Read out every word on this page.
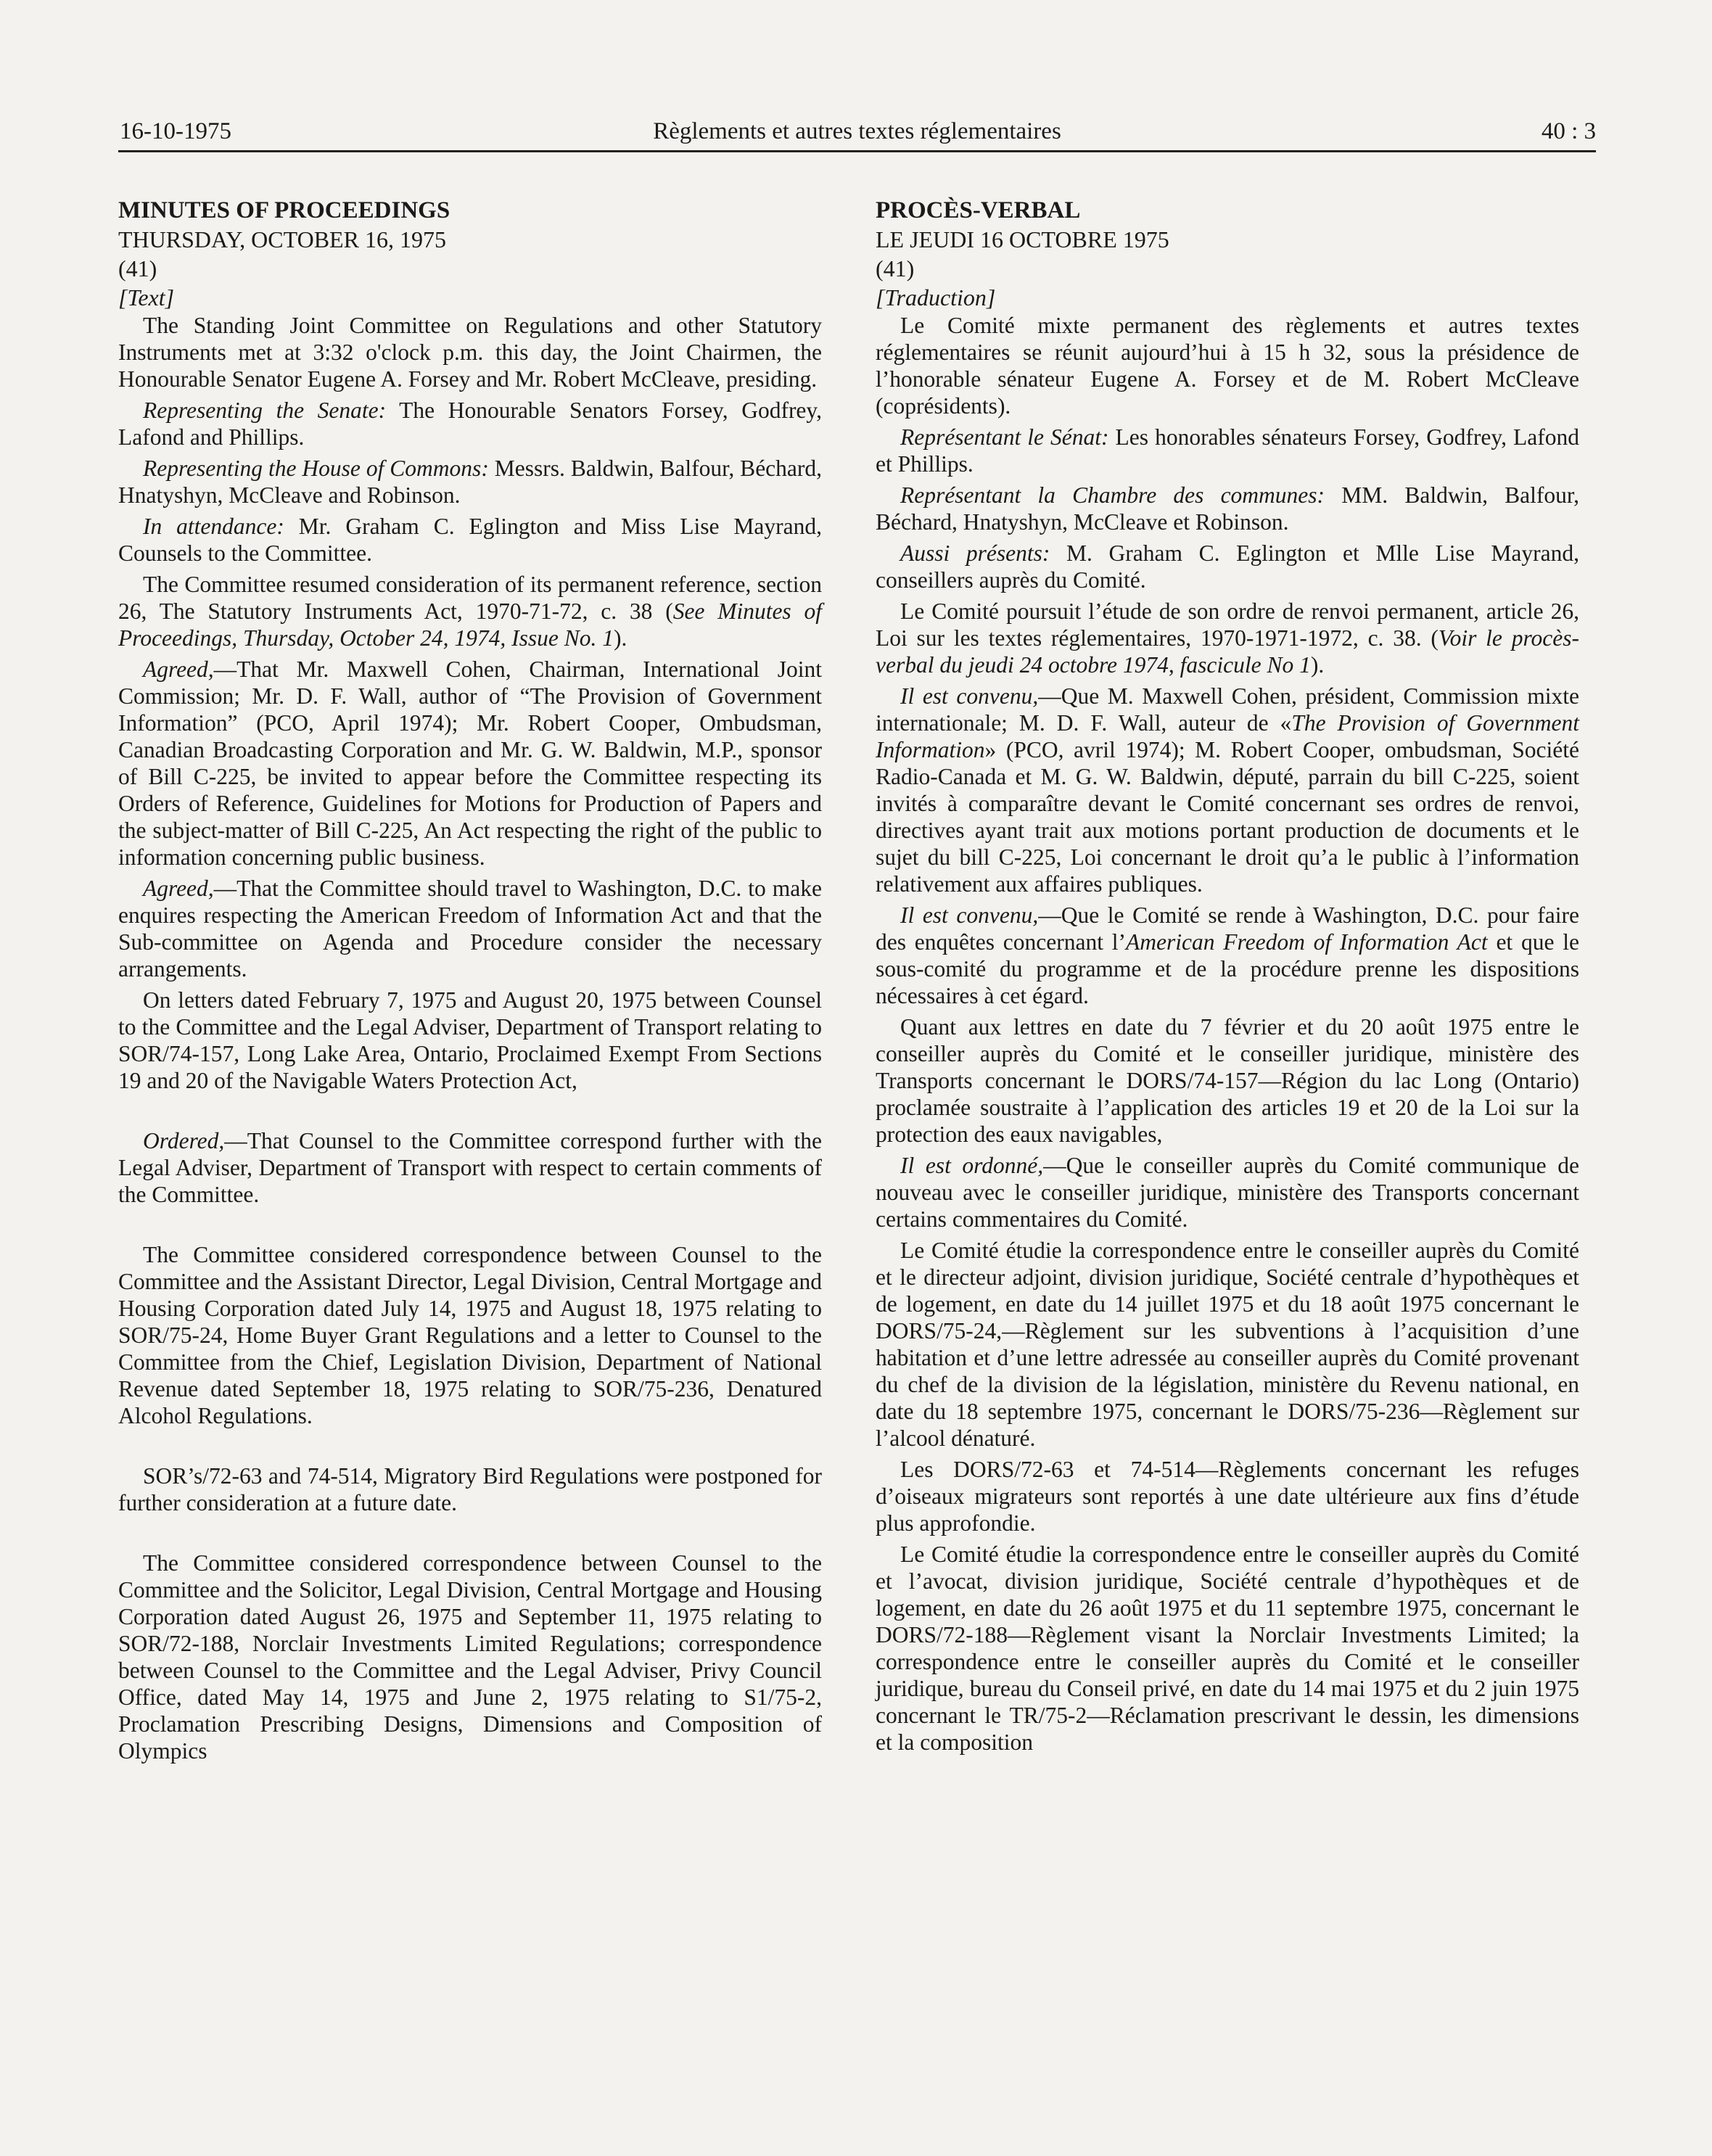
16-10-1975	Règlements et autres textes réglementaires	40 : 3
MINUTES OF PROCEEDINGS
THURSDAY, OCTOBER 16, 1975
(41)
[Text]

The Standing Joint Committee on Regulations and other Statutory Instruments met at 3:32 o'clock p.m. this day, the Joint Chairmen, the Honourable Senator Eugene A. Forsey and Mr. Robert McCleave, presiding.

Representing the Senate: The Honourable Senators Forsey, Godfrey, Lafond and Phillips.

Representing the House of Commons: Messrs. Baldwin, Balfour, Béchard, Hnatyshyn, McCleave and Robinson.

In attendance: Mr. Graham C. Eglington and Miss Lise Mayrand, Counsels to the Committee.

The Committee resumed consideration of its permanent reference, section 26, The Statutory Instruments Act, 1970-71-72, c. 38 (See Minutes of Proceedings, Thursday, October 24, 1974, Issue No. 1).

Agreed,—That Mr. Maxwell Cohen, Chairman, International Joint Commission; Mr. D. F. Wall, author of “The Provision of Government Information” (PCO, April 1974); Mr. Robert Cooper, Ombudsman, Canadian Broadcasting Corporation and Mr. G. W. Baldwin, M.P., sponsor of Bill C-225, be invited to appear before the Committee respecting its Orders of Reference, Guidelines for Motions for Production of Papers and the subject-matter of Bill C-225, An Act respecting the right of the public to information concerning public business.

Agreed,—That the Committee should travel to Washington, D.C. to make enquires respecting the American Freedom of Information Act and that the Sub-committee on Agenda and Procedure consider the necessary arrangements.

On letters dated February 7, 1975 and August 20, 1975 between Counsel to the Committee and the Legal Adviser, Department of Transport relating to SOR/74-157, Long Lake Area, Ontario, Proclaimed Exempt From Sections 19 and 20 of the Navigable Waters Protection Act,

Ordered,—That Counsel to the Committee correspond further with the Legal Adviser, Department of Transport with respect to certain comments of the Committee.

The Committee considered correspondence between Counsel to the Committee and the Assistant Director, Legal Division, Central Mortgage and Housing Corporation dated July 14, 1975 and August 18, 1975 relating to SOR/75-24, Home Buyer Grant Regulations and a letter to Counsel to the Committee from the Chief, Legislation Division, Department of National Revenue dated September 18, 1975 relating to SOR/75-236, Denatured Alcohol Regulations.

SOR’s/72-63 and 74-514, Migratory Bird Regulations were postponed for further consideration at a future date.

The Committee considered correspondence between Counsel to the Committee and the Solicitor, Legal Division, Central Mortgage and Housing Corporation dated August 26, 1975 and September 11, 1975 relating to SOR/72-188, Norclair Investments Limited Regulations; correspondence between Counsel to the Committee and the Legal Adviser, Privy Council Office, dated May 14, 1975 and June 2, 1975 relating to S1/75-2, Proclamation Prescribing Designs, Dimensions and Composition of Olympics

PROCÈS-VERBAL
LE JEUDI 16 OCTOBRE 1975
(41)
[Traduction]

Le Comité mixte permanent des règlements et autres textes réglementaires se réunit aujourd’hui à 15 h 32, sous la présidence de l’honorable sénateur Eugene A. Forsey et de M. Robert McCleave (coprésidents).

Représentant le Sénat: Les honorables sénateurs Forsey, Godfrey, Lafond et Phillips.

Représentant la Chambre des communes: MM. Baldwin, Balfour, Béchard, Hnatyshyn, McCleave et Robinson.

Aussi présents: M. Graham C. Eglington et Mlle Lise Mayrand, conseillers auprès du Comité.

Le Comité poursuit l’étude de son ordre de renvoi permanent, article 26, Loi sur les textes réglementaires, 1970-1971-1972, c. 38. (Voir le procès-verbal du jeudi 24 octobre 1974, fascicule No 1).

Il est convenu,—Que M. Maxwell Cohen, président, Commission mixte internationale; M. D. F. Wall, auteur de «The Provision of Government Information» (PCO, avril 1974); M. Robert Cooper, ombudsman, Société Radio-Canada et M. G. W. Baldwin, député, parrain du bill C-225, soient invités à comparaître devant le Comité concernant ses ordres de renvoi, directives ayant trait aux motions portant production de documents et le sujet du bill C-225, Loi concernant le droit qu’a le public à l’information relativement aux affaires publiques.

Il est convenu,—Que le Comité se rende à Washington, D.C. pour faire des enquêtes concernant l’American Freedom of Information Act et que le sous-comité du programme et de la procédure prenne les dispositions nécessaires à cet égard.

Quant aux lettres en date du 7 février et du 20 août 1975 entre le conseiller auprès du Comité et le conseiller juridique, ministère des Transports concernant le DORS/74-157—Région du lac Long (Ontario) proclamée soustraite à l’application des articles 19 et 20 de la Loi sur la protection des eaux navigables,

Il est ordonné,—Que le conseiller auprès du Comité communique de nouveau avec le conseiller juridique, ministère des Transports concernant certains commentaires du Comité.

Le Comité étudie la correspondence entre le conseiller auprès du Comité et le directeur adjoint, division juridique, Société centrale d’hypothèques et de logement, en date du 14 juillet 1975 et du 18 août 1975 concernant le DORS/75-24,—Règlement sur les subventions à l’acquisition d’une habitation et d’une lettre adressée au conseiller auprès du Comité provenant du chef de la division de la législation, ministère du Revenu national, en date du 18 septembre 1975, concernant le DORS/75-236—Règlement sur l’alcool dénaturé.

Les DORS/72-63 et 74-514—Règlements concernant les refuges d’oiseaux migrateurs sont reportés à une date ultérieure aux fins d’étude plus approfondie.

Le Comité étudie la correspondence entre le conseiller auprès du Comité et l’avocat, division juridique, Société centrale d’hypothèques et de logement, en date du 26 août 1975 et du 11 septembre 1975, concernant le DORS/72-188—Règlement visant la Norclair Investments Limited; la correspondence entre le conseiller auprès du Comité et le conseiller juridique, bureau du Conseil privé, en date du 14 mai 1975 et du 2 juin 1975 concernant le TR/75-2—Réclamation prescrivant le dessin, les dimensions et la composition
